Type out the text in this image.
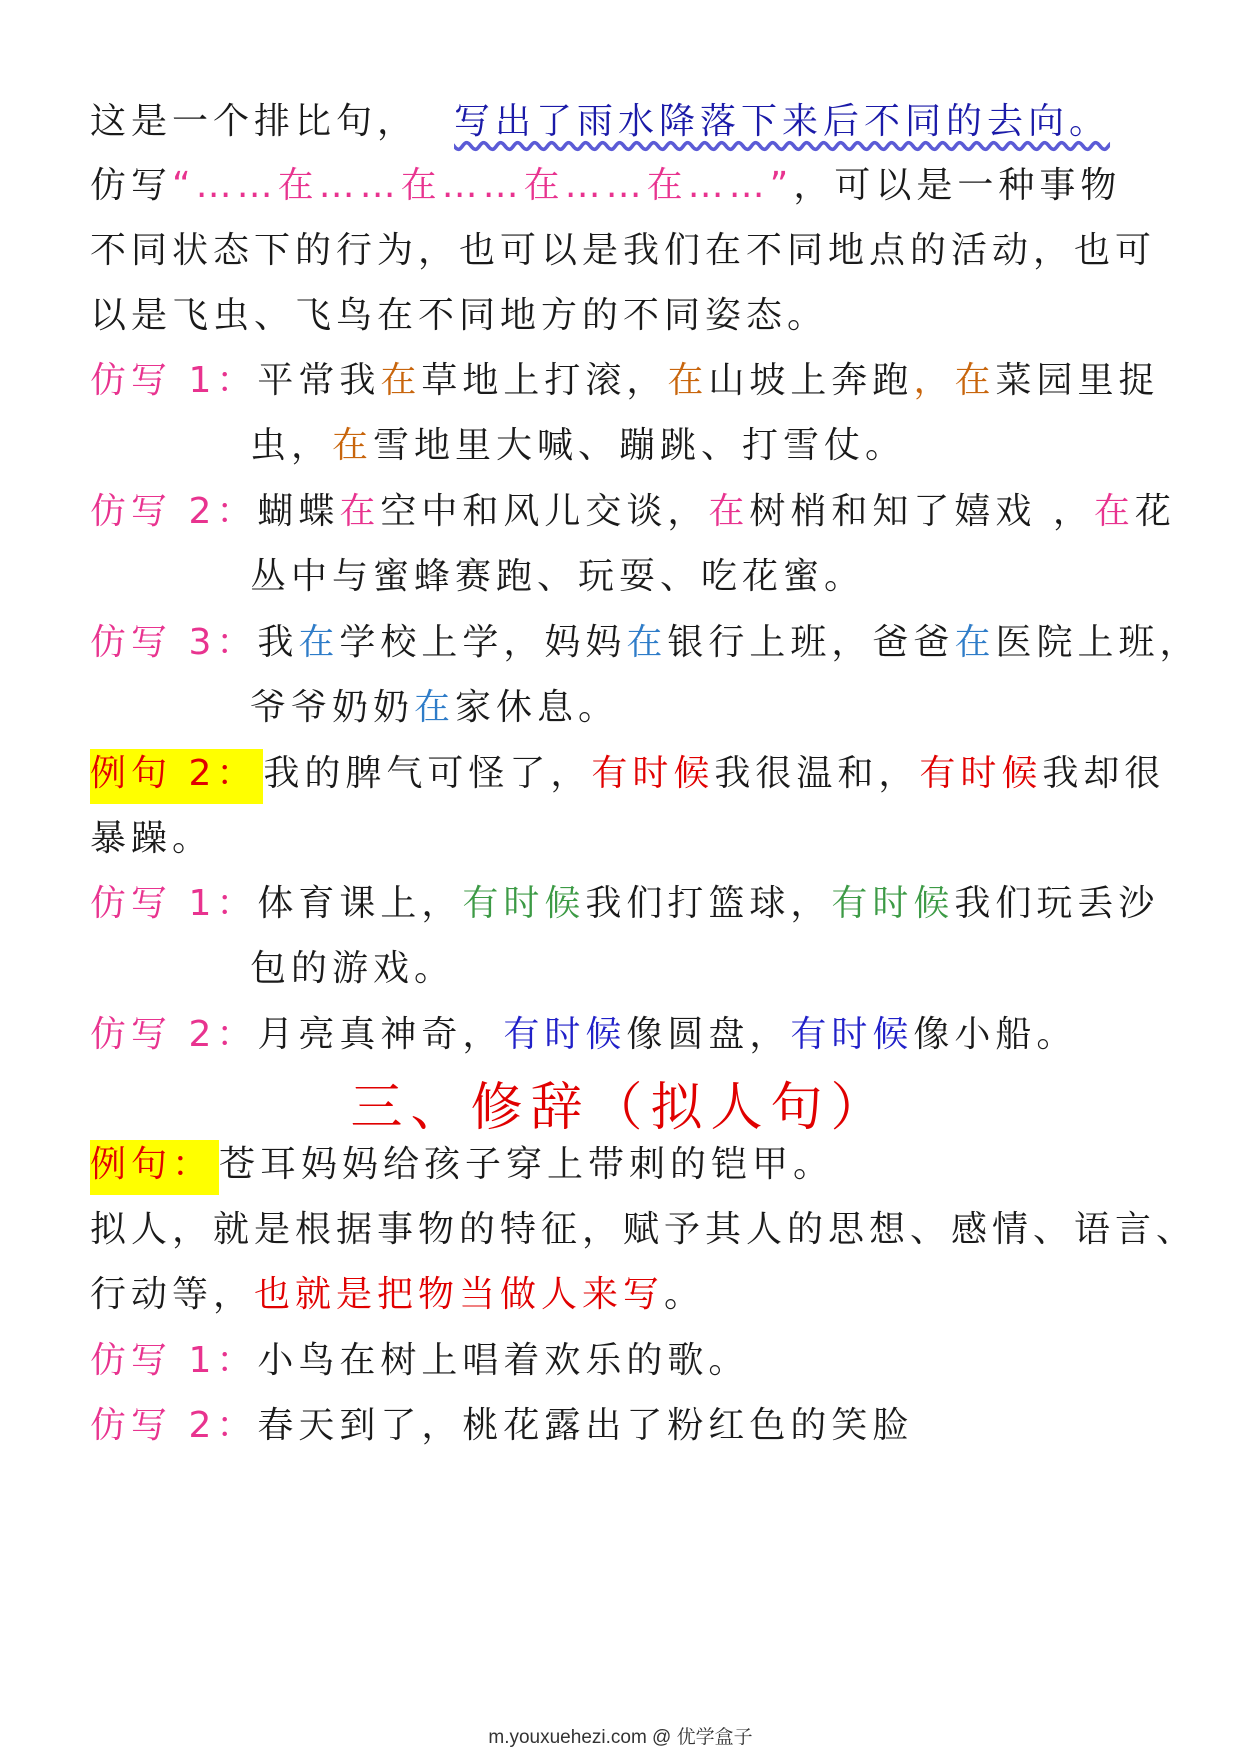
这是一个排比句， 写出了雨水降落下来后不同的去向。
仿写“……在……在……在……在……”，可以是一种事物
不同状态下的行为，也可以是我们在不同地点的活动，也可
以是飞虫、飞鸟在不同地方的不同姿态。
仿写 1：平常我在草地上打滚，在山坡上奔跑，在菜园里捉
虫，在雪地里大喊、蹦跳、打雪仗。
仿写 2：蝴蝶在空中和风儿交谈，在树梢和知了嬉戏 ，在花
丛中与蜜蜂赛跑、玩耍、吃花蜜。
仿写 3：我在学校上学，妈妈在银行上班，爸爸在医院上班，
爷爷奶奶在家休息。
例句 2： 我的脾气可怪了，有时候我很温和，有时候我却很
暴躁。
仿写 1：体育课上，有时候我们打篮球，有时候我们玩丢沙
包的游戏。
仿写 2：月亮真神奇，有时候像圆盘，有时候像小船。
三、修辞（拟人句）
例句： 苍耳妈妈给孩子穿上带刺的铠甲。
拟人，就是根据事物的特征，赋予其人的思想、感情、语言、
行动等，也就是把物当做人来写。
仿写 1：小鸟在树上唱着欢乐的歌。
仿写 2：春天到了，桃花露出了粉红色的笑脸
m.youxuehezi.com @ 优学盒子
